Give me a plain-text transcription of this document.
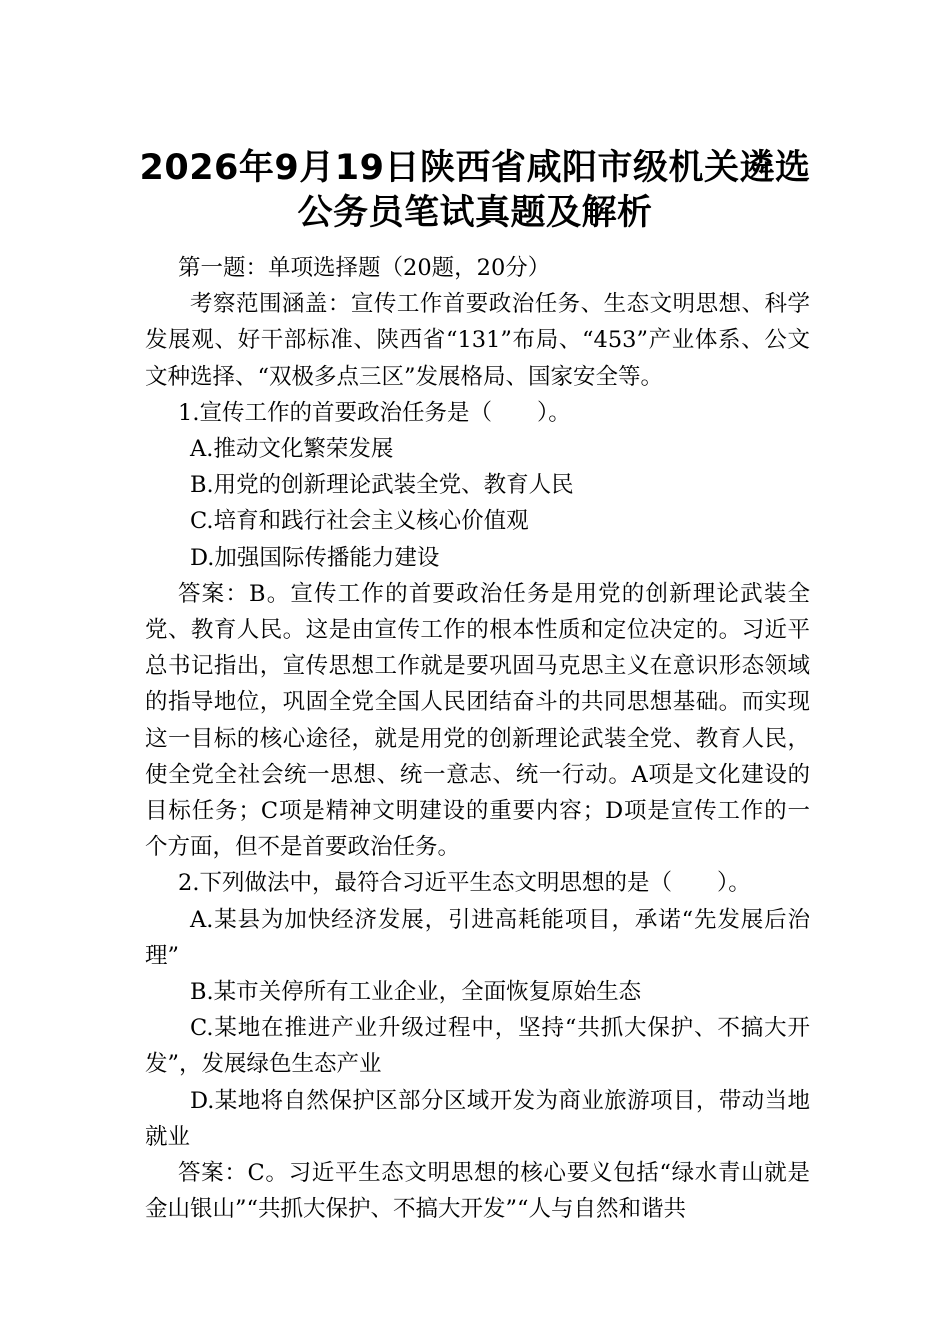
2026年9月19日陕西省咸阳市级机关遴选
公务员笔试真题及解析

第一题：单项选择题（20题，20分）

考察范围涵盖：宣传工作首要政治任务、生态文明思想、科学发展观、好干部标准、陕西省“131”布局、“453”产业体系、公文文种选择、“双极多点三区”发展格局、国家安全等。

1.宣传工作的首要政治任务是（　　）。

A.推动文化繁荣发展

B.用党的创新理论武装全党、教育人民

C.培育和践行社会主义核心价值观

D.加强国际传播能力建设

答案：B。宣传工作的首要政治任务是用党的创新理论武装全党、教育人民。这是由宣传工作的根本性质和定位决定的。习近平总书记指出，宣传思想工作就是要巩固马克思主义在意识形态领域的指导地位，巩固全党全国人民团结奋斗的共同思想基础。而实现这一目标的核心途径，就是用党的创新理论武装全党、教育人民，使全党全社会统一思想、统一意志、统一行动。A项是文化建设的目标任务；C项是精神文明建设的重要内容；D项是宣传工作的一个方面，但不是首要政治任务。

2.下列做法中，最符合习近平生态文明思想的是（　　）。

A.某县为加快经济发展，引进高耗能项目，承诺“先发展后治理”

B.某市关停所有工业企业，全面恢复原始生态

C.某地在推进产业升级过程中，坚持“共抓大保护、不搞大开发”，发展绿色生态产业

D.某地将自然保护区部分区域开发为商业旅游项目，带动当地就业

答案：C。习近平生态文明思想的核心要义包括“绿水青山就是金山银山”“共抓大保护、不搞大开发”“人与自然和谐共
